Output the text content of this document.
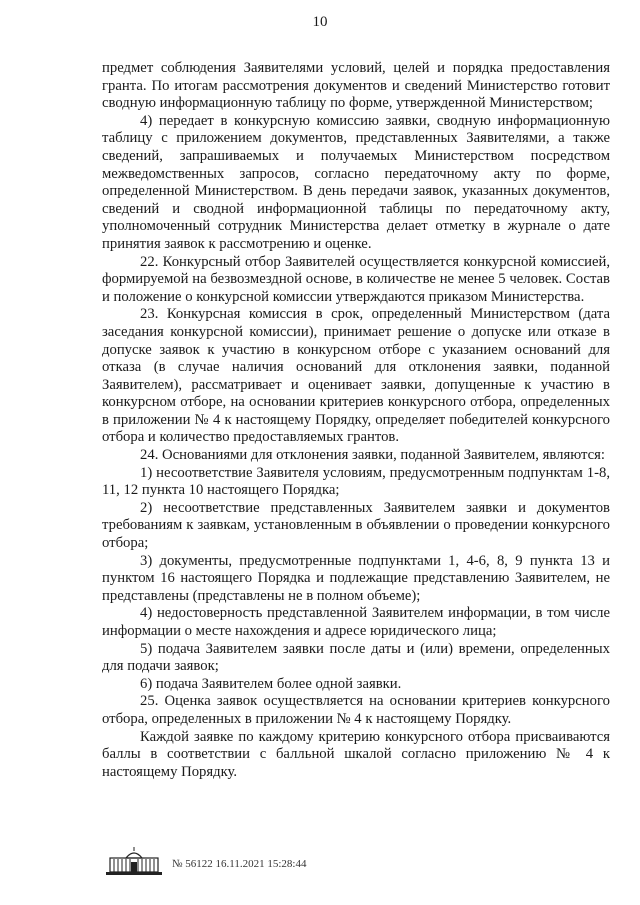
10

предмет соблюдения Заявителями условий, целей и порядка предоставления гранта. По итогам рассмотрения документов и сведений Министерство готовит сводную информационную таблицу по форме, утвержденной Министерством;

4) передает в конкурсную комиссию заявки, сводную информационную таблицу с приложением документов, представленных Заявителями, а также сведений, запрашиваемых и получаемых Министерством посредством межведомственных запросов, согласно передаточному акту по форме, определенной Министерством. В день передачи заявок, указанных документов, сведений и сводной информационной таблицы по передаточному акту, уполномоченный сотрудник Министерства делает отметку в журнале о дате принятия заявок к рассмотрению и оценке.

22. Конкурсный отбор Заявителей осуществляется конкурсной комиссией, формируемой на безвозмездной основе, в количестве не менее 5 человек. Состав и положение о конкурсной комиссии утверждаются приказом Министерства.

23. Конкурсная комиссия в срок, определенный Министерством (дата заседания конкурсной комиссии), принимает решение о допуске или отказе в допуске заявок к участию в конкурсном отборе с указанием оснований для отказа (в случае наличия оснований для отклонения заявки, поданной Заявителем), рассматривает и оценивает заявки, допущенные к участию в конкурсном отборе, на основании критериев конкурсного отбора, определенных в приложении № 4 к настоящему Порядку, определяет победителей конкурсного отбора и количество предоставляемых грантов.

24. Основаниями для отклонения заявки, поданной Заявителем, являются:

1) несоответствие Заявителя условиям, предусмотренным подпунктам 1-8, 11, 12 пункта 10 настоящего Порядка;

2) несоответствие представленных Заявителем заявки и документов требованиям к заявкам, установленным в объявлении о проведении конкурсного отбора;

3) документы, предусмотренные подпунктами 1, 4-6, 8, 9 пункта 13 и пунктом 16 настоящего Порядка и подлежащие представлению Заявителем, не представлены (представлены не в полном объеме);

4) недостоверность представленной Заявителем информации, в том числе информации о месте нахождения и адресе юридического лица;

5) подача Заявителем заявки после даты и (или) времени, определенных для подачи заявок;

6) подача Заявителем более одной заявки.

25. Оценка заявок осуществляется на основании критериев конкурсного отбора, определенных в приложении № 4 к настоящему Порядку.

Каждой заявке по каждому критерию конкурсного отбора присваиваются баллы в соответствии с балльной шкалой согласно приложению № 4 к настоящему Порядку.

№ 56122 16.11.2021 15:28:44
